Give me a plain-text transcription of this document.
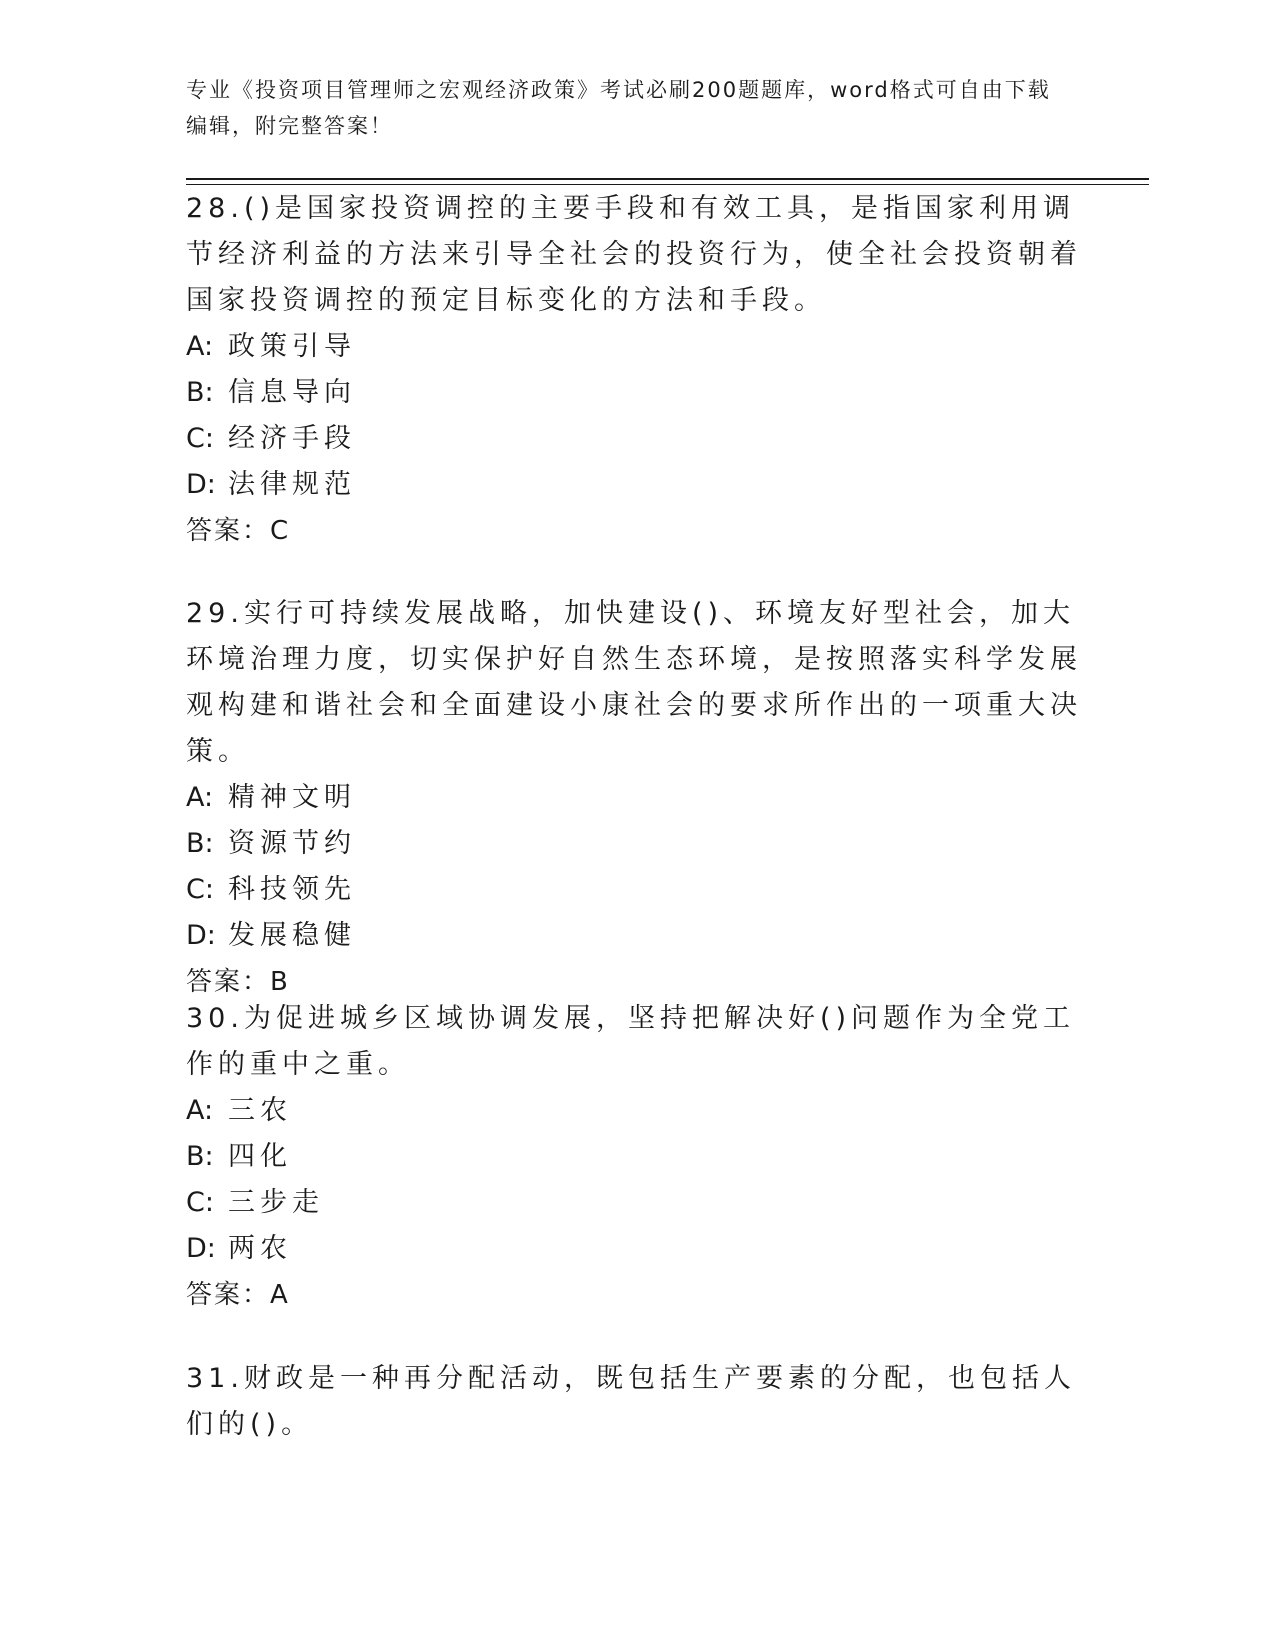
专业《投资项目管理师之宏观经济政策》考试必刷200题题库，word格式可自由下载编辑，附完整答案！

28.()是国家投资调控的主要手段和有效工具，是指国家利用调节经济利益的方法来引导全社会的投资行为，使全社会投资朝着国家投资调控的预定目标变化的方法和手段。

A: 政策引导

B: 信息导向

C: 经济手段

D: 法律规范

答案：C

29.实行可持续发展战略，加快建设()、环境友好型社会，加大环境治理力度，切实保护好自然生态环境，是按照落实科学发展观构建和谐社会和全面建设小康社会的要求所作出的一项重大决策。

A: 精神文明

B: 资源节约

C: 科技领先

D: 发展稳健

答案：B

30.为促进城乡区域协调发展，坚持把解决好()问题作为全党工作的重中之重。

A: 三农

B: 四化

C: 三步走

D: 两农

答案：A

31.财政是一种再分配活动，既包括生产要素的分配，也包括人们的()。
